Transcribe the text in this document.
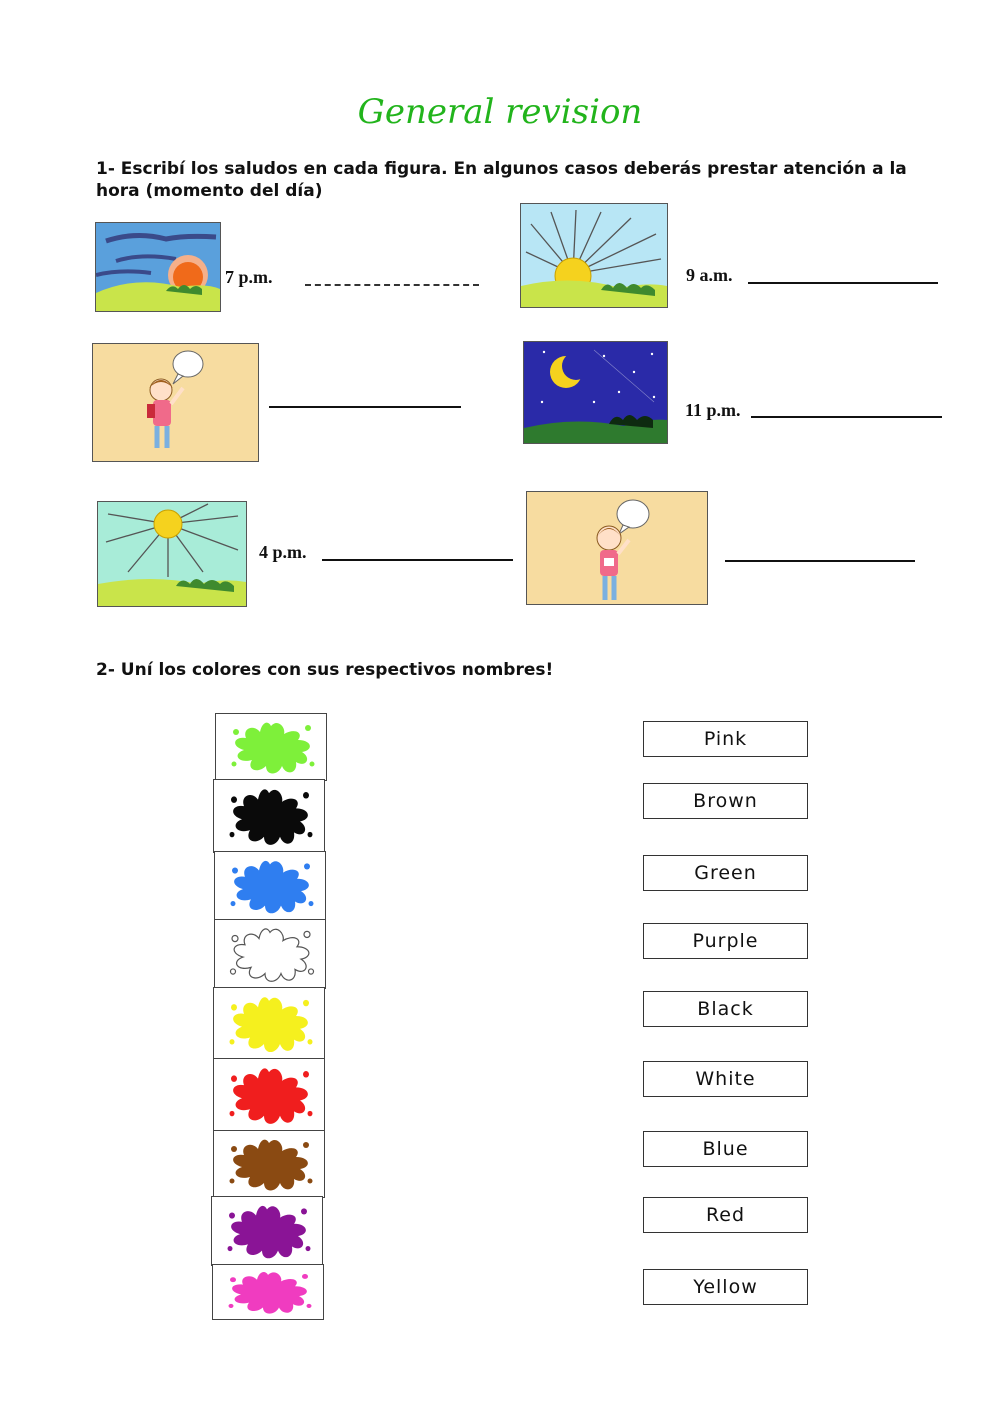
General revision
1- Escribí los saludos en cada figura. En algunos casos deberás prestar atención a la hora (momento del día)
7 p.m.	9 a.m.
11 p.m.
4 p.m.
2- Uní los colores con sus respectivos nombres!
Pink
Brown
Green
Purple
Black
White
Blue
Red
Yellow
